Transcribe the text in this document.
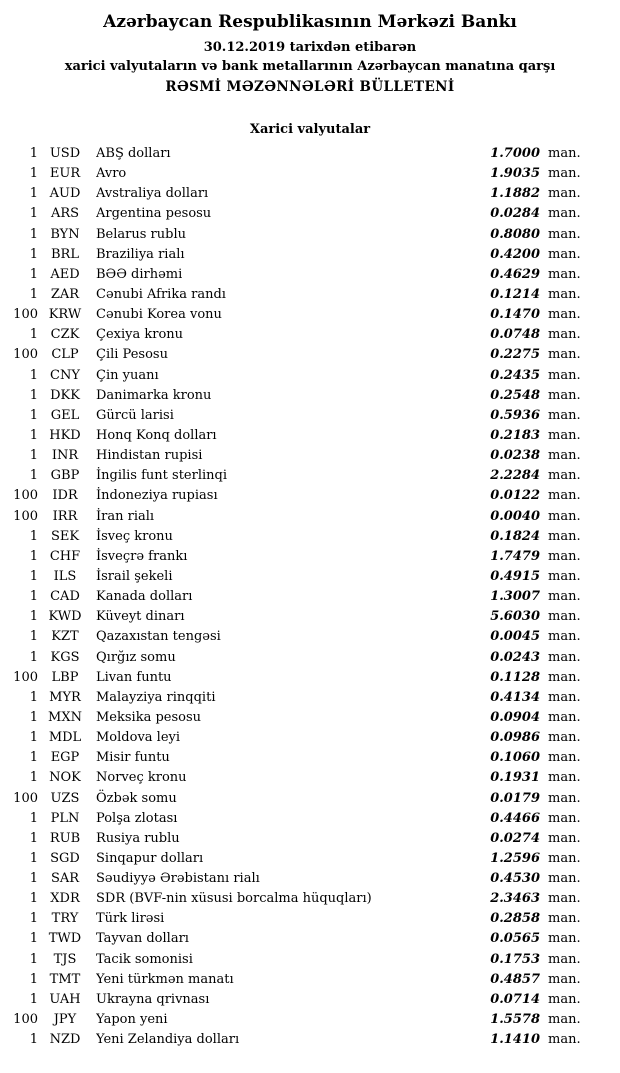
Azərbaycan Respublikasının Mərkəzi Bankı
30.12.2019 tarixdən etibarən
xarici valyutaların və bank metallarının Azərbaycan manatına qarşı
RƏSMİ MƏZƏNNƏLƏRİ BÜLLETENİ
Xarici valyutalar
1 USD	ABŞ dolları	1.7000 man.
1 EUR	Avro	1.9035 man.
1 AUD	Avstraliya dolları	1.1882 man.
1 ARS	Argentina pesosu	0.0284 man.
1 BYN	Belarus rublu	0.8080 man.
1	BRL	Braziliya rialı	0.4200 man.
1 AED	BƏƏ dirhəmi	0.4629 man.
1 ZAR	Cənubi Afrika randı	0.1214 man.
100 KRW	Cənubi Korea vonu	0.1470 man.
1 CZK	Çexiya kronu	0.0748 man.
100	CLP	Çili Pesosu	0.2275 man.
1 CNY	Çin yuanı	0.2435 man.
1 DKK	Danimarka kronu	0.2548 man.
1 GEL	Gürcü larisi	0.5936 man.
1 HKD	Honq Konq dolları	0.2183 man.
1	INR	Hindistan rupisi	0.0238 man.
1 GBP	İngilis funt sterlinqi	2.2284 man.
100	IDR	İndoneziya rupiası	0.0122 man.
100	IRR	İran rialı	0.0040 man.
1 SEK	İsveç kronu	0.1824 man.
1 CHF	İsveçrə frankı	1.7479 man.
1	ILS	İsrail şekeli	0.4915 man.
1 CAD	Kanada dolları	1.3007 man.
1 KWD	Küveyt dinarı	5.6030 man.
1	KZT	Qazaxıstan tengəsi	0.0045 man.
1 KGS	Qırğız somu	0.0243 man.
100	LBP	Livan funtu	0.1128 man.
1 MYR	Malayziya rinqqiti	0.4134 man.
1 MXN	Meksika pesosu	0.0904 man.
1 MDL	Moldova leyi	0.0986 man.
1 EGP	Misir funtu	0.1060 man.
1 NOK	Norveç kronu	0.1931 man.
100 UZS	Özbək somu	0.0179 man.
1 PLN	Polşa zlotası	0.4466 man.
1 RUB	Rusiya rublu	0.0274 man.
1 SGD	Sinqapur dolları	1.2596 man.
1 SAR	Səudiyyə Ərəbistanı rialı	0.4530 man.
1 XDR	SDR (BVF-nin xüsusi borcalma hüquqları)	2.3463 man.
1	TRY	Türk lirəsi	0.2858 man.
1 TWD	Tayvan dolları	0.0565 man.
1	TJS	Tacik somonisi	0.1753 man.
1 TMT	Yeni türkmən manatı	0.4857 man.
1 UAH	Ukrayna qrivnası	0.0714 man.
100	JPY	Yapon yeni	1.5578 man.
1 NZD	Yeni Zelandiya dolları	1.1410 man.
